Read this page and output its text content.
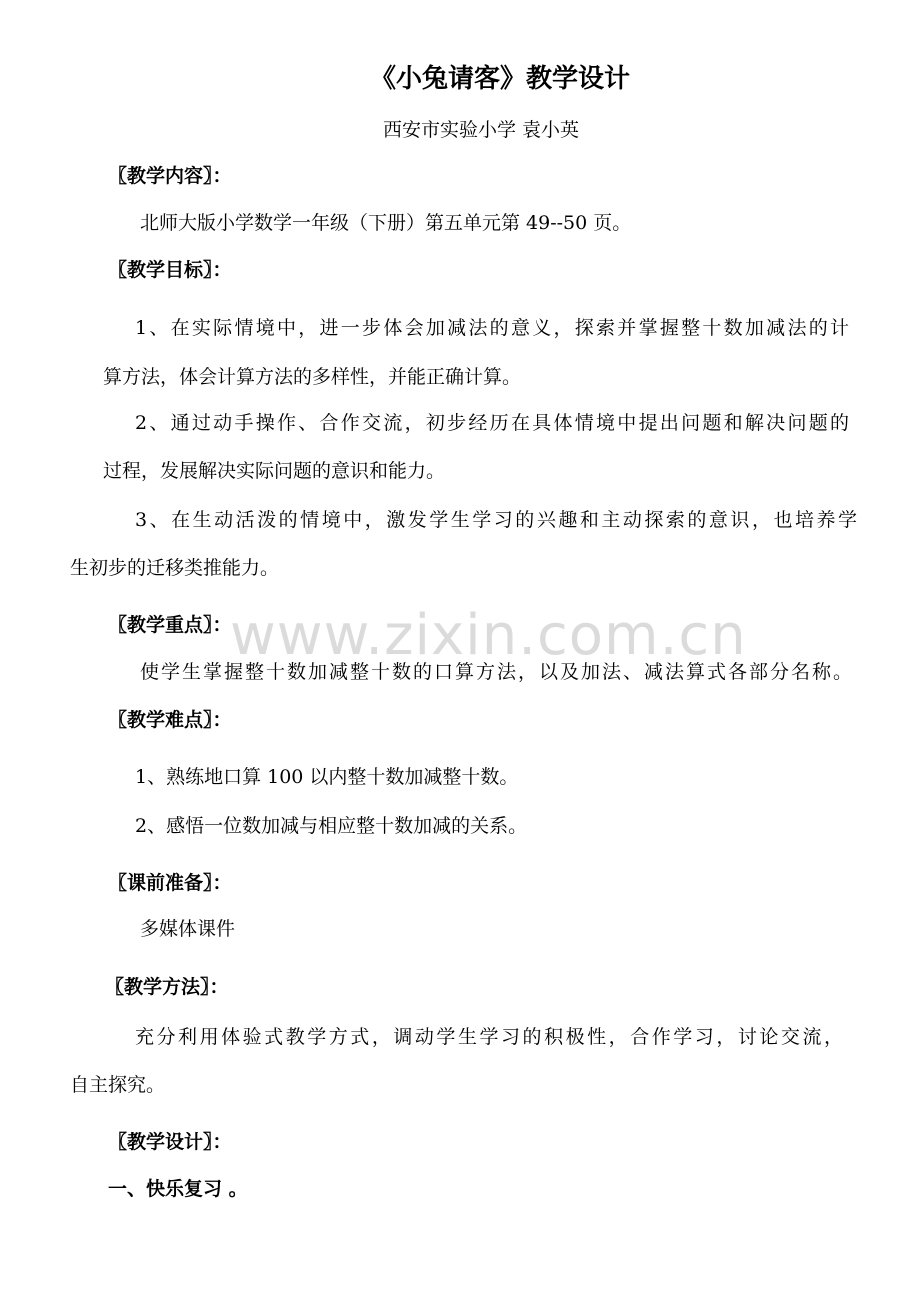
《小兔请客》教学设计
西安市实验小学 袁小英
〖教学内容〗：
北师大版小学数学一年级（下册）第五单元第 49--50 页。
〖教学目标〗：
1、在实际情境中，进一步体会加减法的意义，探索并掌握整十数加减法的计
算方法，体会计算方法的多样性，并能正确计算。
2、通过动手操作、合作交流，初步经历在具体情境中提出问题和解决问题的
过程，发展解决实际问题的意识和能力。
3、在生动活泼的情境中，激发学生学习的兴趣和主动探索的意识，也培养学
生初步的迁移类推能力。
www.zixin.com.cn
〖教学重点〗：
使学生掌握整十数加减整十数的口算方法，以及加法、减法算式各部分名称。
〖教学难点〗：
1、熟练地口算 100 以内整十数加减整十数。
2、感悟一位数加减与相应整十数加减的关系。
〖课前准备〗：
多媒体课件
〖教学方法〗：
充分利用体验式教学方式，调动学生学习的积极性，合作学习，讨论交流，
自主探究。
〖教学设计〗：
一、快乐复习 。
